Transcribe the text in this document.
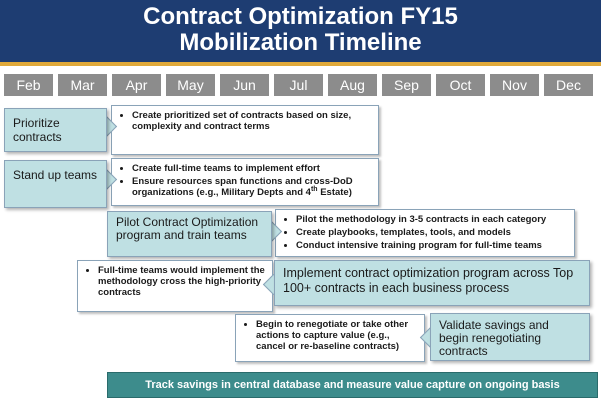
Contract Optimization FY15
Mobilization Timeline
Feb	Mar	Apr	May	Jun	Jul	Aug	Sep	Oct	Nov	Dec
• Create prioritized set of contracts based on size, complexity and contract terms
Prioritize contracts
• Create full-time teams to implement effort
• Ensure resources span functions and cross-DoD organizations (e.g., Military Depts and 4th Estate)
Stand up teams
• Pilot the methodology in 3-5 contracts in each category
• Create playbooks, templates, tools, and models
• Conduct intensive training program for full-time teams
Pilot Contract Optimization program and train teams
• Full-time teams would implement the methodology cross the high-priority contracts
Implement contract optimization program across Top 100+ contracts in each business process
• Begin to renegotiate or take other actions to capture value (e.g., cancel or re-baseline contracts)
Validate savings and begin renegotiating contracts
Track savings in central database and measure value capture on ongoing basis
